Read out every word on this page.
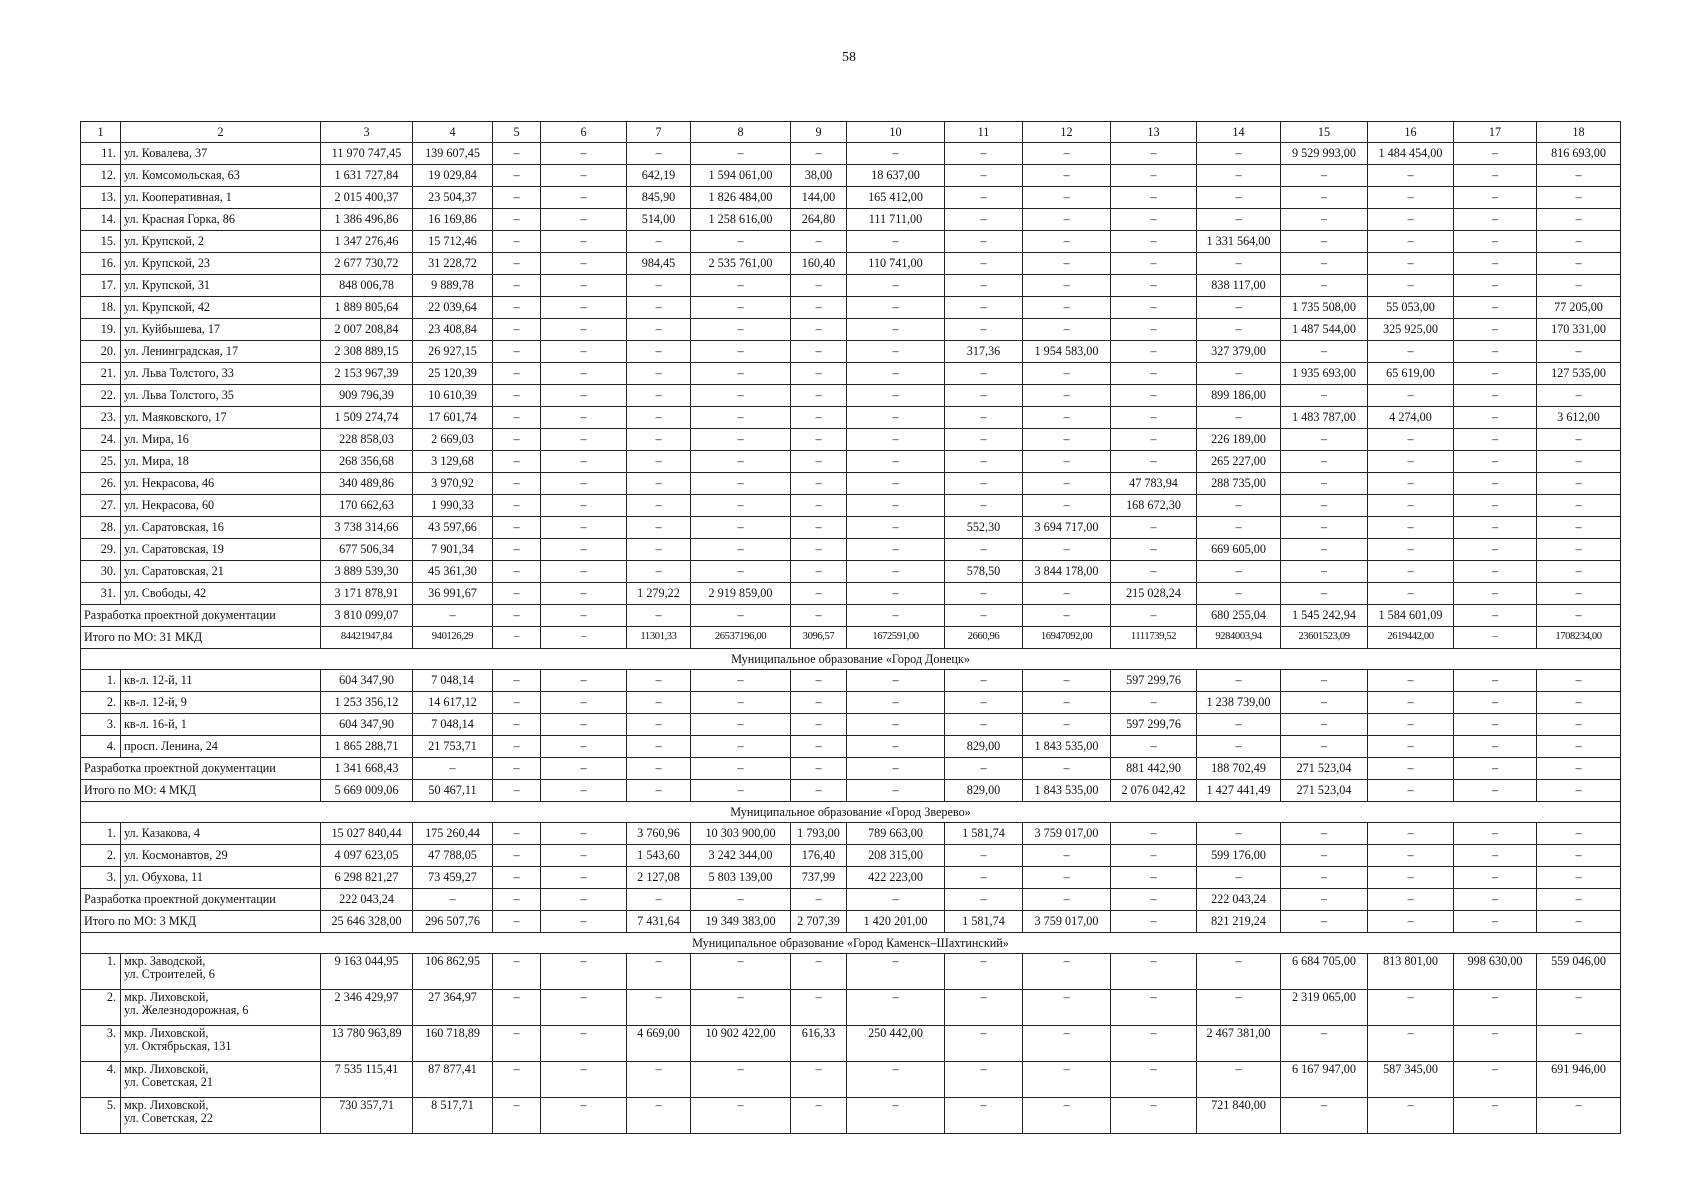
58
1	2	3	4	5	6	7	8	9	10	11	12	13	14	15	16	17	18
11.	ул. Ковалева, 37	11 970 747,45	139 607,45	–	–	–	–	–	–	–	–	–	–	9 529 993,00	1 484 454,00	–	816 693,00
12.	ул. Комсомольская, 63	1 631 727,84	19 029,84	–	–	642,19	1 594 061,00	38,00	18 637,00	–	–	–	–	–	–	–	–
13.	ул. Кооперативная, 1	2 015 400,37	23 504,37	–	–	845,90	1 826 484,00	144,00	165 412,00	–	–	–	–	–	–	–	–
14.	ул. Красная Горка, 86	1 386 496,86	16 169,86	–	–	514,00	1 258 616,00	264,80	111 711,00	–	–	–	–	–	–	–	–
15.	ул. Крупской, 2	1 347 276,46	15 712,46	–	–	–	–	–	–	–	–	–	1 331 564,00	–	–	–	–
16.	ул. Крупской, 23	2 677 730,72	31 228,72	–	–	984,45	2 535 761,00	160,40	110 741,00	–	–	–	–	–	–	–	–
17.	ул. Крупской, 31	848 006,78	9 889,78	–	–	–	–	–	–	–	–	–	838 117,00	–	–	–	–
18.	ул. Крупской, 42	1 889 805,64	22 039,64	–	–	–	–	–	–	–	–	–	–	1 735 508,00	55 053,00	–	77 205,00
19.	ул. Куйбышева, 17	2 007 208,84	23 408,84	–	–	–	–	–	–	–	–	–	–	1 487 544,00	325 925,00	–	170 331,00
20.	ул. Ленинградская, 17	2 308 889,15	26 927,15	–	–	–	–	–	–	317,36	1 954 583,00	–	327 379,00	–	–	–	–
21.	ул. Льва Толстого, 33	2 153 967,39	25 120,39	–	–	–	–	–	–	–	–	–	–	1 935 693,00	65 619,00	–	127 535,00
22.	ул. Льва Толстого, 35	909 796,39	10 610,39	–	–	–	–	–	–	–	–	–	899 186,00	–	–	–	–
23.	ул. Маяковского, 17	1 509 274,74	17 601,74	–	–	–	–	–	–	–	–	–	–	1 483 787,00	4 274,00	–	3 612,00
24.	ул. Мира, 16	228 858,03	2 669,03	–	–	–	–	–	–	–	–	–	226 189,00	–	–	–	–
25.	ул. Мира, 18	268 356,68	3 129,68	–	–	–	–	–	–	–	–	–	265 227,00	–	–	–	–
26.	ул. Некрасова, 46	340 489,86	3 970,92	–	–	–	–	–	–	–	–	47 783,94	288 735,00	–	–	–	–
27.	ул. Некрасова, 60	170 662,63	1 990,33	–	–	–	–	–	–	–	–	168 672,30	–	–	–	–	–
28.	ул. Саратовская, 16	3 738 314,66	43 597,66	–	–	–	–	–	–	552,30	3 694 717,00	–	–	–	–	–	–
29.	ул. Саратовская, 19	677 506,34	7 901,34	–	–	–	–	–	–	–	–	–	669 605,00	–	–	–	–
30.	ул. Саратовская, 21	3 889 539,30	45 361,30	–	–	–	–	–	–	578,50	3 844 178,00	–	–	–	–	–	–
31.	ул. Свободы, 42	3 171 878,91	36 991,67	–	–	1 279,22	2 919 859,00	–	–	–	–	215 028,24	–	–	–	–	–
Разработка проектной документации		3 810 099,07	–	–	–	–	–	–	–	–	–	–	680 255,04	1 545 242,94	1 584 601,09	–	–
Итого по МО: 31 МКД		84421947,84	940126,29	–	–	11301,33	26537196,00	3096,57	1672591,00	2660,96	16947092,00	1111739,52	9284003,94	23601523,09	2619442,00	–	1708234,00
Муниципальное образование «Город Донецк»																	
1.	кв-л. 12-й, 11	604 347,90	7 048,14	–	–	–	–	–	–	–	–	597 299,76	–	–	–	–	–
2.	кв-л. 12-й, 9	1 253 356,12	14 617,12	–	–	–	–	–	–	–	–	–	1 238 739,00	–	–	–	–
3.	кв-л. 16-й, 1	604 347,90	7 048,14	–	–	–	–	–	–	–	–	597 299,76	–	–	–	–	–
4.	просп. Ленина, 24	1 865 288,71	21 753,71	–	–	–	–	–	–	829,00	1 843 535,00	–	–	–	–	–	–
Разработка проектной документации		1 341 668,43	–	–	–	–	–	–	–	–	–	881 442,90	188 702,49	271 523,04	–	–	–
Итого по МО: 4 МКД		5 669 009,06	50 467,11	–	–	–	–	–	–	829,00	1 843 535,00	2 076 042,42	1 427 441,49	271 523,04	–	–	–
Муниципальное образование «Город Зверево»																	
1.	ул. Казакова, 4	15 027 840,44	175 260,44	–	–	3 760,96	10 303 900,00	1 793,00	789 663,00	1 581,74	3 759 017,00	–	–	–	–	–	–
2.	ул. Космонавтов, 29	4 097 623,05	47 788,05	–	–	1 543,60	3 242 344,00	176,40	208 315,00	–	–	–	599 176,00	–	–	–	–
3.	ул. Обухова, 11	6 298 821,27	73 459,27	–	–	2 127,08	5 803 139,00	737,99	422 223,00	–	–	–	–	–	–	–	–
Разработка проектной документации		222 043,24	–	–	–	–	–	–	–	–	–	–	222 043,24	–	–	–	–
Итого по МО: 3 МКД		25 646 328,00	296 507,76	–	–	7 431,64	19 349 383,00	2 707,39	1 420 201,00	1 581,74	3 759 017,00	–	821 219,24	–	–	–	–
Муниципальное образование «Город Каменск–Шахтинский»																	
1.	мкр. Заводской,
ул. Строителей, 6	9 163 044,95	106 862,95	–	–	–	–	–	–	–	–	–	–	6 684 705,00	813 801,00	998 630,00	559 046,00
2.	мкр. Лиховской,
ул. Железнодорожная, 6	2 346 429,97	27 364,97	–	–	–	–	–	–	–	–	–	–	2 319 065,00	–	–	–
3.	мкр. Лиховской,
ул. Октябрьская, 131	13 780 963,89	160 718,89	–	–	4 669,00	10 902 422,00	616,33	250 442,00	–	–	–	2 467 381,00	–	–	–	–
4.	мкр. Лиховской,
ул. Советская, 21	7 535 115,41	87 877,41	–	–	–	–	–	–	–	–	–	–	6 167 947,00	587 345,00	–	691 946,00
5.	мкр. Лиховской,
ул. Советская, 22	730 357,71	8 517,71	–	–	–	–	–	–	–	–	–	721 840,00	–	–	–	–
